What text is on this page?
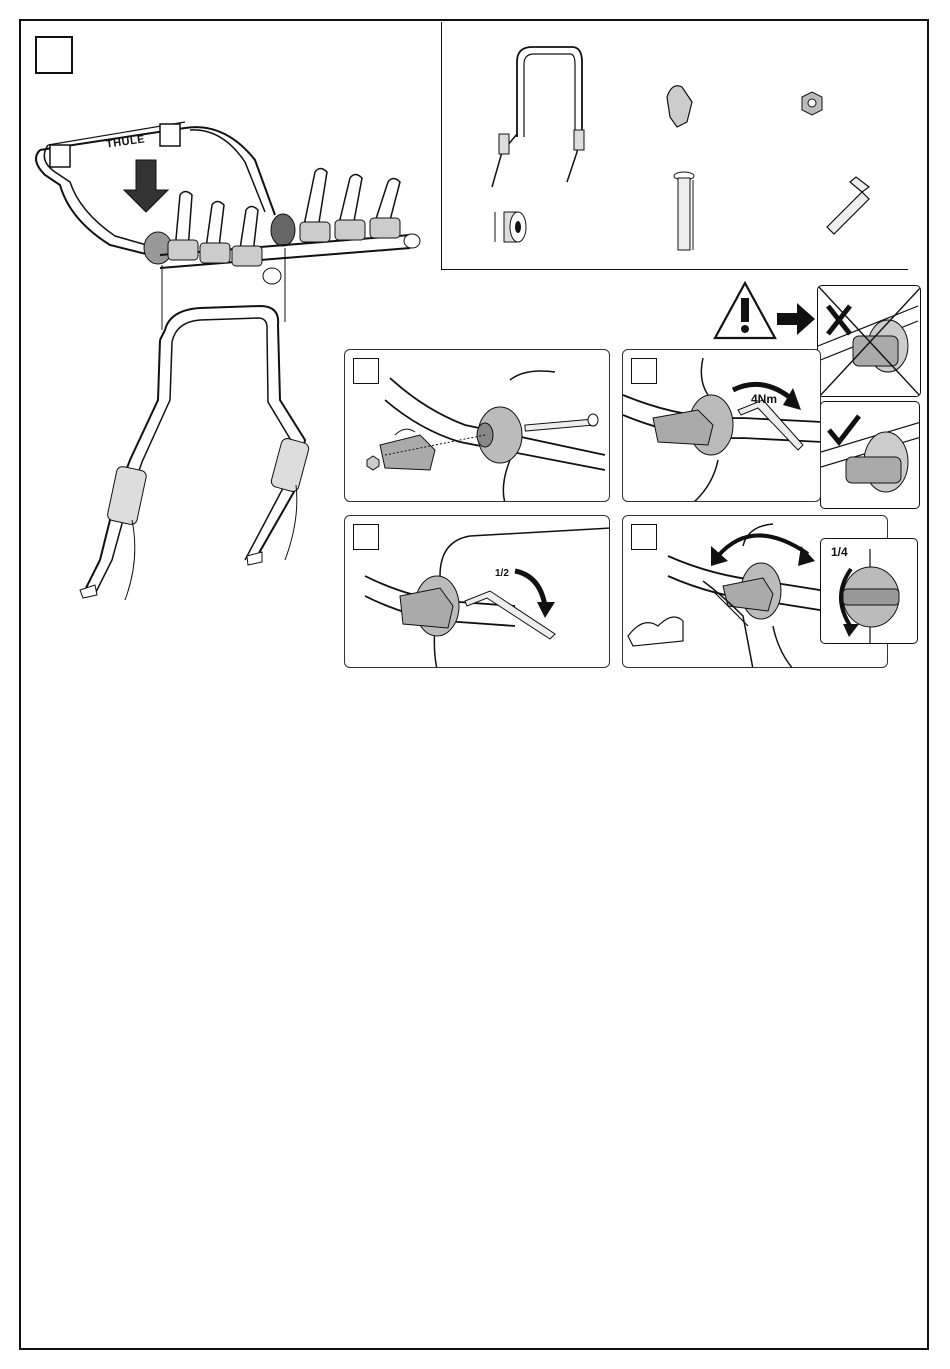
THULE
4Nm
1/2
1/4
